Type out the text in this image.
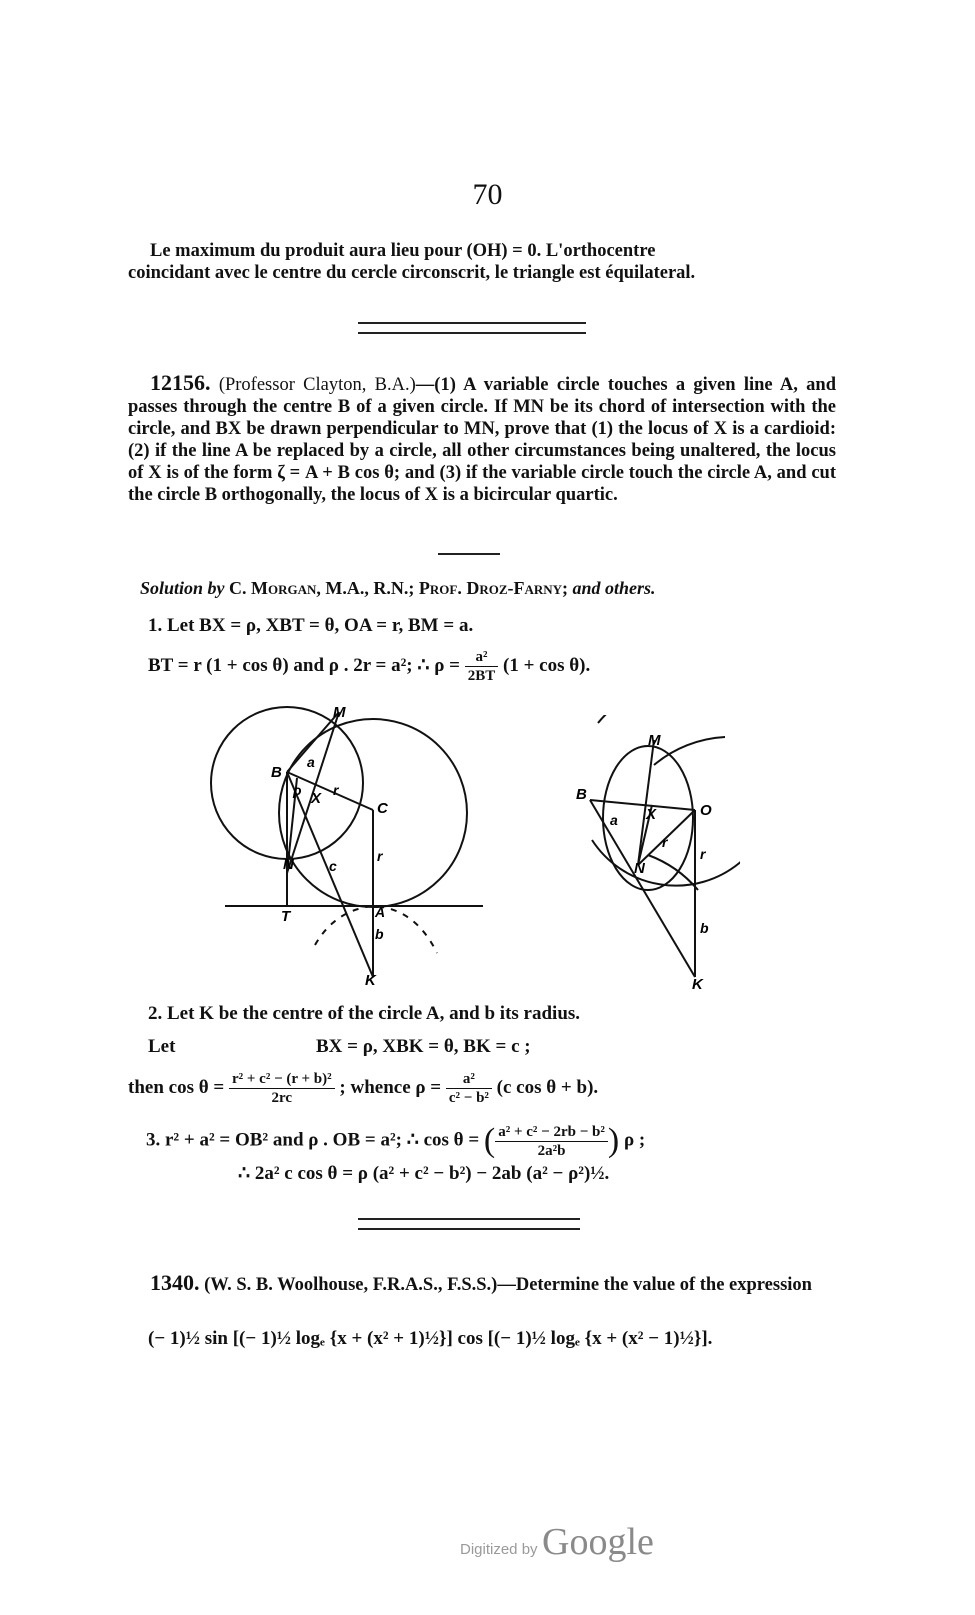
70
Le maximum du produit aura lieu pour (OH) = 0. L'orthocentre
coincidant avec le centre du cercle circonscrit, le triangle est équilateral.
12156. (Professor Clayton, B.A.)—(1) A variable circle touches a given line A, and passes through the centre B of a given circle. If MN be its chord of intersection with the circle, and BX be drawn perpendicular to MN, prove that (1) the locus of X is a cardioid: (2) if the line A be replaced by a circle, all other circumstances being unaltered, the locus of X is of the form ζ = A + B cos θ; and (3) if the variable circle touch the circle A, and cut the circle B orthogonally, the locus of X is a bicircular quartic.
Solution by C. Morgan, M.A., R.N.; Prof. Droz-Farny; and others.
1. Let BX = ρ, XBT = θ, OA = r, BM = a.
BT = r (1 + cos θ) and ρ . 2r = a²; ∴ $\rho = \frac{\text{a²}}{2BT} (1 + \cos \theta)$.
M
B
a
ρ X r
C
N	r
c
T	A
b
K
M
B
a X	O
r
N
r
b
K
2. Let K be the centre of the circle A, and b its radius.
Let	BX = ρ, XBK = θ, BK = c ;
then $\cos \theta = \frac{\text{r² + c² − (r + b)²}}{2rc}$ ; whence $\rho = \frac{\text{a²}}{\text{c² − b²}} (c$ cos θ + b).
3. r² + a² = OB² and ρ . OB = a²; ∴ cos θ = ( $\frac{\text{a² + c² − 2rb − b²}}{\text{2a²b}}$ ) ρ ;
∴ 2a² c cos θ = ρ (a² + c² − b²) − 2ab (a² − ρ²)½.
1340. (W. S. B. Woolhouse, F.R.A.S., F.S.S.)—Determine the value of the expression
(− 1)½ sin [(− 1)½ logₑ {x + (x² + 1)½}] cos [(− 1)½ logₑ {x + (x² − 1)½}].
Digitized by Google
